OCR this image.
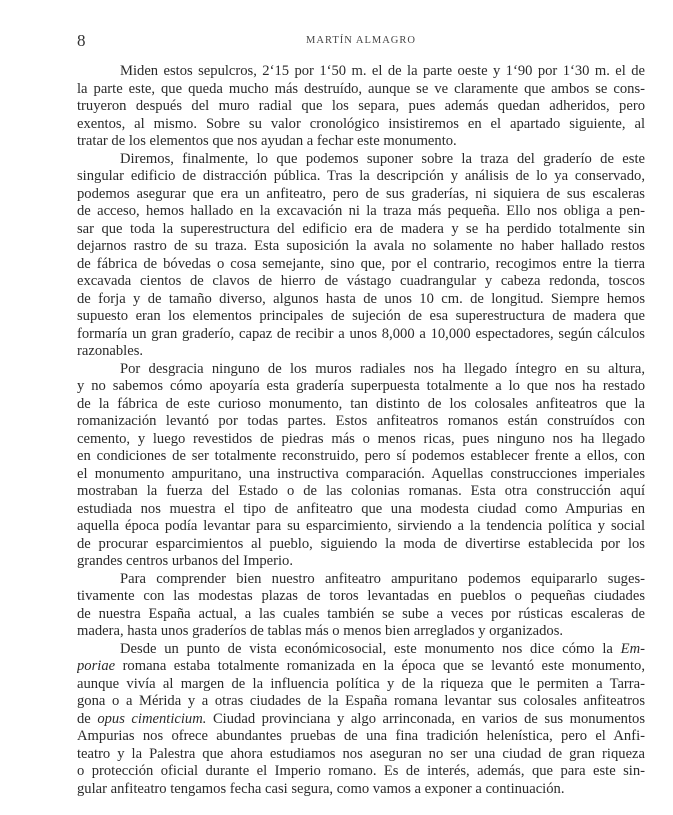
8	MARTÍN ALMAGRO
Miden estos sepulcros, 2‘15 por 1‘50 m. el de la parte oeste y 1‘90 por 1‘30 m. el de
la parte este, que queda mucho más destruído, aunque se ve claramente que ambos se cons-
truyeron después del muro radial que los separa, pues además quedan adheridos, pero
exentos, al mismo. Sobre su valor cronológico insistiremos en el apartado siguiente, al
tratar de los elementos que nos ayudan a fechar este monumento.
Diremos, finalmente, lo que podemos suponer sobre la traza del graderío de este
singular edificio de distracción pública. Tras la descripción y análisis de lo ya conservado,
podemos asegurar que era un anfiteatro, pero de sus graderías, ni siquiera de sus escaleras
de acceso, hemos hallado en la excavación ni la traza más pequeña. Ello nos obliga a pen-
sar que toda la superestructura del edificio era de madera y se ha perdido totalmente sin
dejarnos rastro de su traza. Esta suposición la avala no solamente no haber hallado restos
de fábrica de bóvedas o cosa semejante, sino que, por el contrario, recogimos entre la tierra
excavada cientos de clavos de hierro de vástago cuadrangular y cabeza redonda, toscos
de forja y de tamaño diverso, algunos hasta de unos 10 cm. de longitud. Siempre hemos
supuesto eran los elementos principales de sujeción de esa superestructura de madera que
formaría un gran graderío, capaz de recibir a unos 8,000 a 10,000 espectadores, según cálculos
razonables.
Por desgracia ninguno de los muros radiales nos ha llegado íntegro en su altura,
y no sabemos cómo apoyaría esta gradería superpuesta totalmente a lo que nos ha restado
de la fábrica de este curioso monumento, tan distinto de los colosales anfiteatros que la
romanización levantó por todas partes. Estos anfiteatros romanos están construídos con
cemento, y luego revestidos de piedras más o menos ricas, pues ninguno nos ha llegado
en condiciones de ser totalmente reconstruido, pero sí podemos establecer frente a ellos, con
el monumento ampuritano, una instructiva comparación. Aquellas construcciones imperiales
mostraban la fuerza del Estado o de las colonias romanas. Esta otra construcción aquí
estudiada nos muestra el tipo de anfiteatro que una modesta ciudad como Ampurias en
aquella época podía levantar para su esparcimiento, sirviendo a la tendencia política y social
de procurar esparcimientos al pueblo, siguiendo la moda de divertirse establecida por los
grandes centros urbanos del Imperio.
Para comprender bien nuestro anfiteatro ampuritano podemos equipararlo suges-
tivamente con las modestas plazas de toros levantadas en pueblos o pequeñas ciudades
de nuestra España actual, a las cuales también se sube a veces por rústicas escaleras de
madera, hasta unos graderíos de tablas más o menos bien arreglados y organizados.
Desde un punto de vista económicosocial, este monumento nos dice cómo la Em-
poriae romana estaba totalmente romanizada en la época que se levantó este monumento,
aunque vivía al margen de la influencia política y de la riqueza que le permiten a Tarra-
gona o a Mérida y a otras ciudades de la España romana levantar sus colosales anfiteatros
de opus cimenticium. Ciudad provinciana y algo arrinconada, en varios de sus monumentos
Ampurias nos ofrece abundantes pruebas de una fina tradición helenística, pero el Anfi-
teatro y la Palestra que ahora estudiamos nos aseguran no ser una ciudad de gran riqueza
o protección oficial durante el Imperio romano. Es de interés, además, que para este sin-
gular anfiteatro tengamos fecha casi segura, como vamos a exponer a continuación.
